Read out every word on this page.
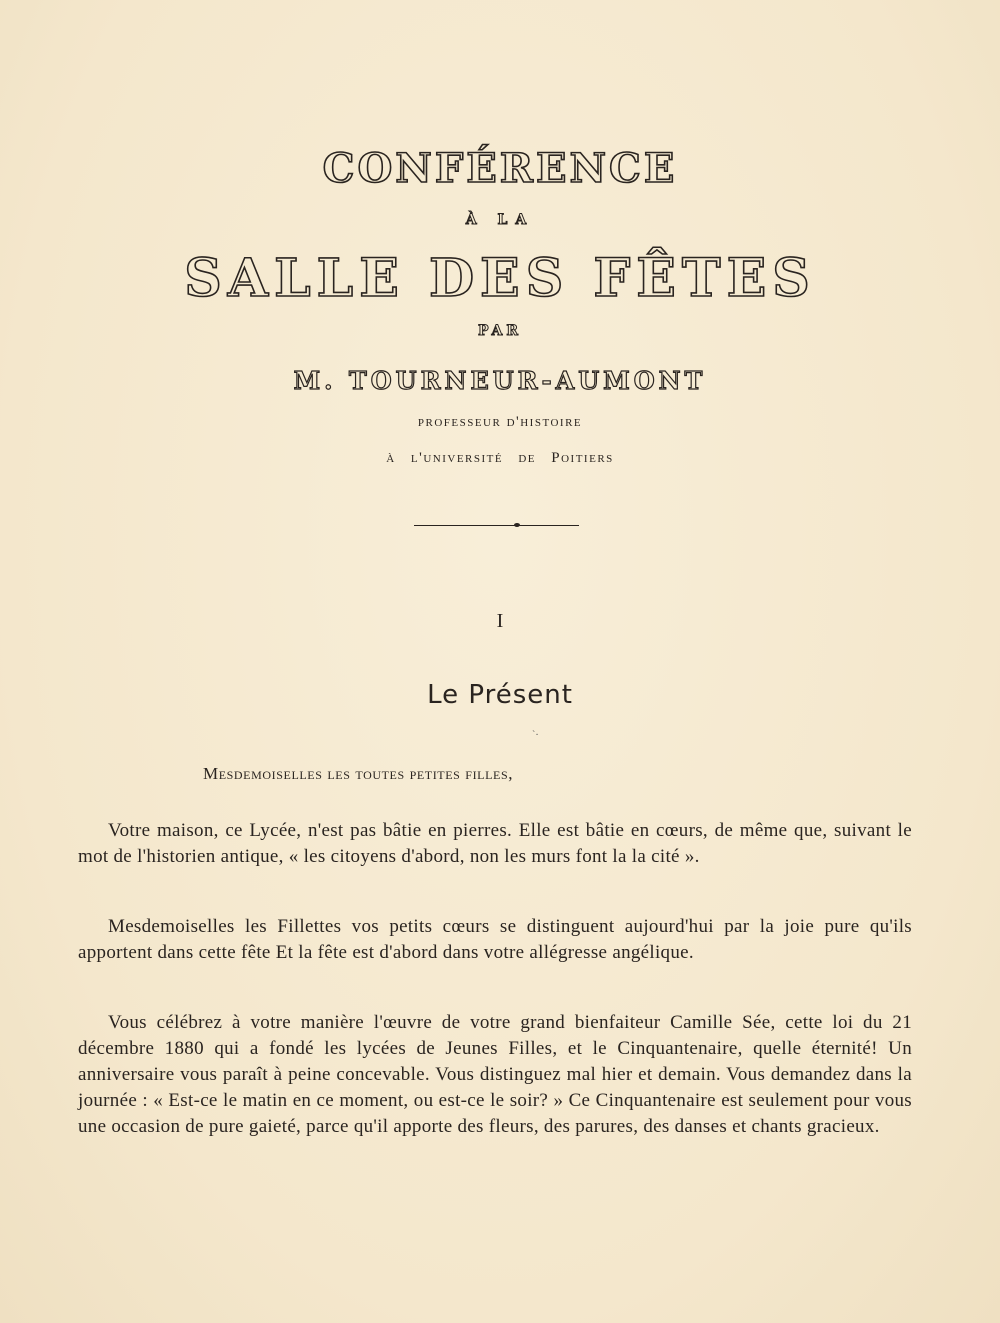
CONFÉRENCE
À LA
SALLE DES FÊTES
PAR
M. TOURNEUR-AUMONT
professeur d'histoire
à l'université de Poitiers
I
Le Présent
`·
Mesdemoiselles les toutes petites filles,

Votre maison, ce Lycée, n'est pas bâtie en pierres. Elle est bâtie en cœurs, de même que, suivant le mot de l'historien antique, « les citoyens d'abord, non les murs font la la cité ».

Mesdemoiselles les Fillettes vos petits cœurs se distinguent aujourd'hui par la joie pure qu'ils apportent dans cette fête Et la fête est d'abord dans votre allégresse angélique.

Vous célébrez à votre manière l'œuvre de votre grand bienfaiteur Camille Sée, cette loi du 21 décembre 1880 qui a fondé les lycées de Jeunes Filles, et le Cinquantenaire, quelle éternité! Un anniversaire vous paraît à peine concevable. Vous distinguez mal hier et demain. Vous demandez dans la journée : « Est-ce le matin en ce moment, ou est-ce le soir? » Ce Cinquantenaire est seulement pour vous une occasion de pure gaieté, parce qu'il apporte des fleurs, des parures, des danses et chants gracieux.
